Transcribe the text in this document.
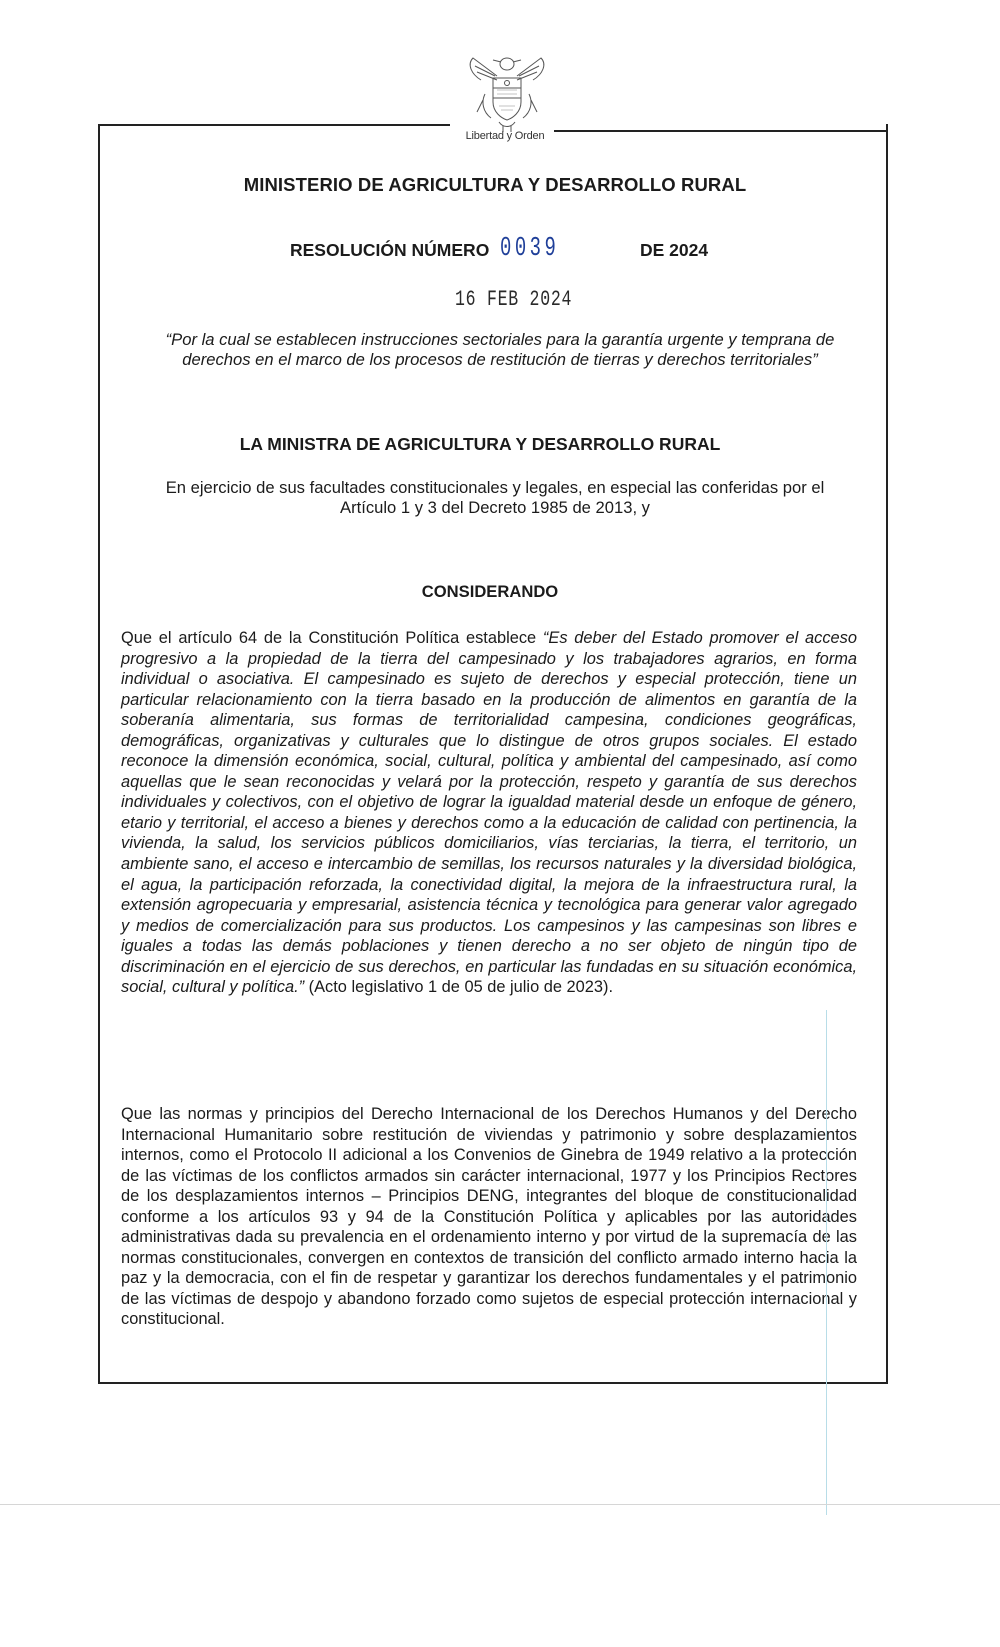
Libertad y Orden
MINISTERIO DE AGRICULTURA Y DESARROLLO RURAL
RESOLUCIÓN NÚMERO 0039	DE 2024
16 FEB 2024
“Por la cual se establecen instrucciones sectoriales para la garantía urgente y temprana de derechos en el marco de los procesos de restitución de tierras y derechos territoriales”
LA MINISTRA DE AGRICULTURA Y DESARROLLO RURAL
En ejercicio de sus facultades constitucionales y legales, en especial las conferidas por el Artículo 1 y 3 del Decreto 1985 de 2013, y
CONSIDERANDO
Que el artículo 64 de la Constitución Política establece “Es deber del Estado promover el acceso progresivo a la propiedad de la tierra del campesinado y los trabajadores agrarios, en forma individual o asociativa. El campesinado es sujeto de derechos y especial protección, tiene un particular relacionamiento con la tierra basado en la producción de alimentos en garantía de la soberanía alimentaria, sus formas de territorialidad campesina, condiciones geográficas, demográficas, organizativas y culturales que lo distingue de otros grupos sociales. El estado reconoce la dimensión económica, social, cultural, política y ambiental del campesinado, así como aquellas que le sean reconocidas y velará por la protección, respeto y garantía de sus derechos individuales y colectivos, con el objetivo de lograr la igualdad material desde un enfoque de género, etario y territorial, el acceso a bienes y derechos como a la educación de calidad con pertinencia, la vivienda, la salud, los servicios públicos domiciliarios, vías terciarias, la tierra, el territorio, un ambiente sano, el acceso e intercambio de semillas, los recursos naturales y la diversidad biológica, el agua, la participación reforzada, la conectividad digital, la mejora de la infraestructura rural, la extensión agropecuaria y empresarial, asistencia técnica y tecnológica para generar valor agregado y medios de comercialización para sus productos. Los campesinos y las campesinas son libres e iguales a todas las demás poblaciones y tienen derecho a no ser objeto de ningún tipo de discriminación en el ejercicio de sus derechos, en particular las fundadas en su situación económica, social, cultural y política.” (Acto legislativo 1 de 05 de julio de 2023).
Que las normas y principios del Derecho Internacional de los Derechos Humanos y del Derecho Internacional Humanitario sobre restitución de viviendas y patrimonio y sobre desplazamientos internos, como el Protocolo II adicional a los Convenios de Ginebra de 1949 relativo a la protección de las víctimas de los conflictos armados sin carácter internacional, 1977 y los Principios Rectores de los desplazamientos internos – Principios DENG, integrantes del bloque de constitucionalidad conforme a los artículos 93 y 94 de la Constitución Política y aplicables por las autoridades administrativas dada su prevalencia en el ordenamiento interno y por virtud de la supremacía de las normas constitucionales, convergen en contextos de transición del conflicto armado interno hacia la paz y la democracia, con el fin de respetar y garantizar los derechos fundamentales y el patrimonio de las víctimas de despojo y abandono forzado como sujetos de especial protección internacional y constitucional.
